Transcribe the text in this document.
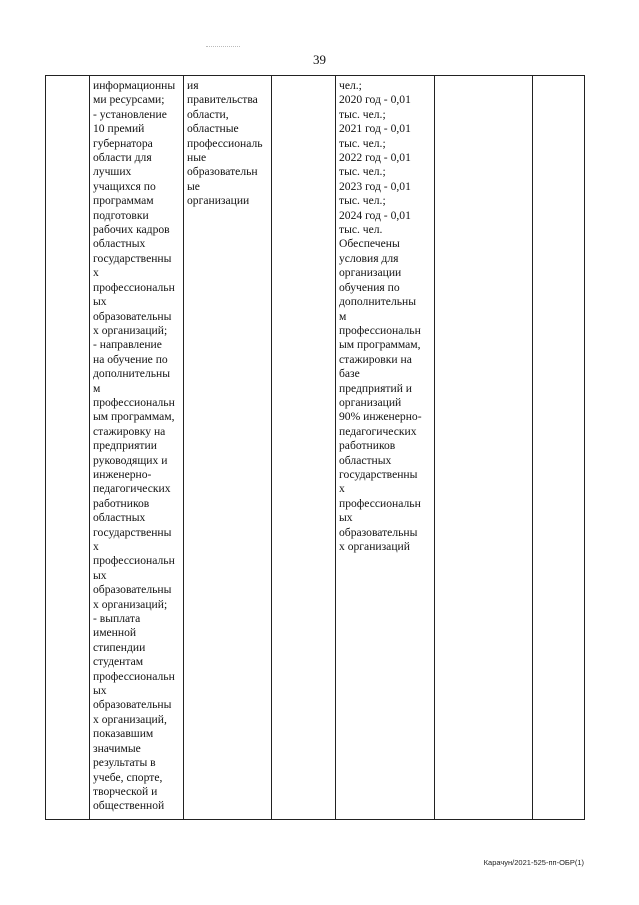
39
	информационны
ми ресурсами;
- установление
10 премий
губернатора
области для
лучших
учащихся по
программам
подготовки
рабочих кадров
областных
государственны
х
профессиональн
ых
образовательны
х организаций;
- направление
на обучение по
дополнительны
м
профессиональн
ым программам,
стажировку на
предприятии
руководящих и
инженерно-
педагогических
работников
областных
государственны
х
профессиональн
ых
образовательны
х организаций;
- выплата
именной
стипендии
студентам
профессиональн
ых
образовательны
х организаций,
показавшим
значимые
результаты в
учебе, спорте,
творческой и
общественной	ия
правительства
области,
областные
профессиональ
ные
образовательн
ые
организации		чел.;
2020 год - 0,01
тыс. чел.;
2021 год - 0,01
тыс. чел.;
2022 год - 0,01
тыс. чел.;
2023 год - 0,01
тыс. чел.;
2024 год - 0,01
тыс. чел.
Обеспечены
условия для
организации
обучения по
дополнительны
м
профессиональн
ым программам,
стажировки на
базе
предприятий и
организаций
90% инженерно-
педагогических
работников
областных
государственны
х
профессиональн
ых
образовательны
х организаций		
Карачун/2021-525-пп-ОБР(1)
